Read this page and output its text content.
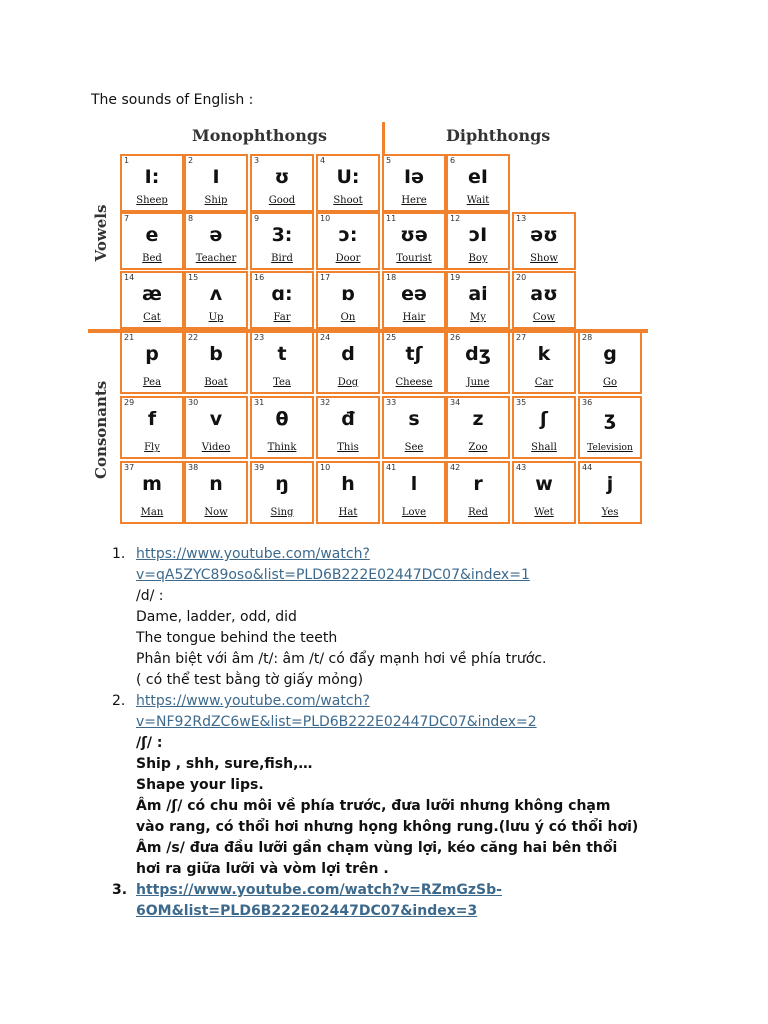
The sounds of English :
Monophthongs	Diphthongs
Vowels
Consonants
1
I:
Sheep
2
I
Ship
3
ʊ
Good
4
U:
Shoot
5
Iə
Here
6
eI
Wait
7
e
Bed
8
ə
Teacher
9
3:
Bird
10
ɔ:
Door
11
ʊə
Tourist
12
ɔI
Boy
13
əʊ
Show
14
æ
Cat
15
ʌ
Up
16
ɑ:
Far
17
ɒ
On
18
eə
Hair
19
ai
My
20
aʊ
Cow
21
p
Pea
22
b
Boat
23
t
Tea
24
d
Dog
25
tʃ
Cheese
26
dʒ
June
27
k
Car
28
g
Go
29
f
Fly
30
v
Video
31
θ
Think
32
đ
This
33
s
See
34
z
Zoo
35
ʃ
Shall
36
ʒ
Television
37
m
Man
38
n
Now
39
ŋ
Sing
10
h
Hat
41
l
Love
42
r
Red
43
w
Wet
44
j
Yes
1. https://www.youtube.com/watch?
v=qA5ZYC89oso&list=PLD6B222E02447DC07&index=1
/d/ :
Dame, ladder, odd, did
The tongue behind the teeth
Phân biệt với âm /t/: âm /t/ có đẩy mạnh hơi về phía trước.
( có thể test bằng tờ giấy mỏng)
2. https://www.youtube.com/watch?
v=NF92RdZC6wE&list=PLD6B222E02447DC07&index=2
/ʃ/ :
Ship , shh, sure,fish,…
Shape your lips.
Âm /ʃ/ có chu môi về phía trước, đưa lưỡi nhưng không chạm
vào rang, có thổi hơi nhưng họng không rung.(lưu ý có thổi hơi)
Âm /s/ đưa đầu lưỡi gần chạm vùng lợi, kéo căng hai bên thổi
hơi ra giữa lưỡi và vòm lợi trên .
3. https://www.youtube.com/watch?v=RZmGzSb-
6OM&list=PLD6B222E02447DC07&index=3
